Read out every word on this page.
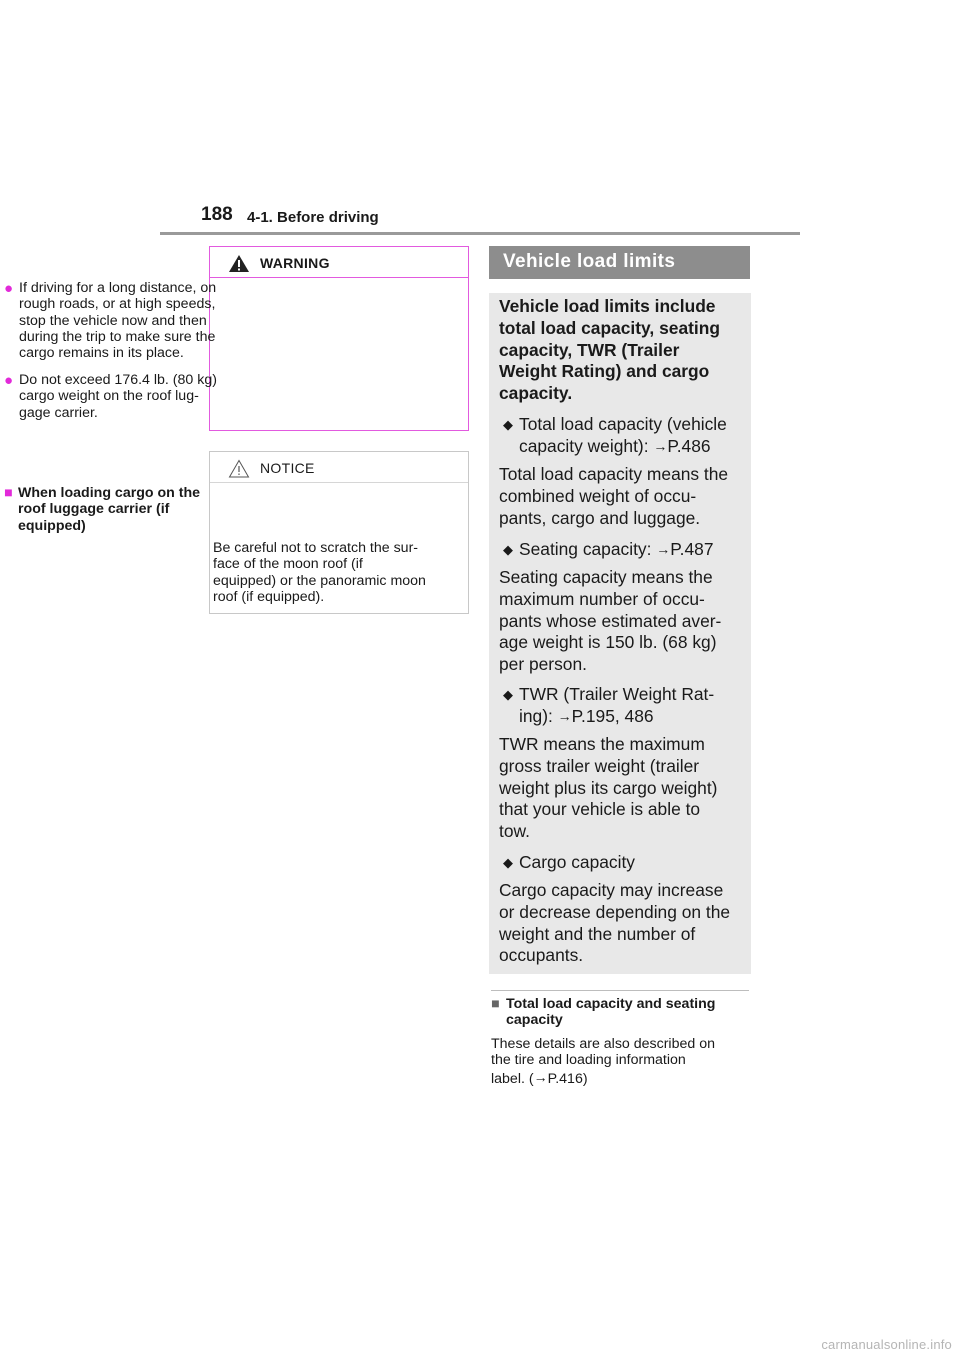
188 4-1. Before driving
WARNING
● If driving for a long distance, on
rough roads, or at high speeds,
stop the vehicle now and then
during the trip to make sure the
cargo remains in its place.
● Do not exceed 176.4 lb. (80 kg)
cargo weight on the roof lug-
gage carrier.
NOTICE
■ When loading cargo on the
roof luggage carrier (if
equipped)
Be careful not to scratch the sur-
face of the moon roof (if
equipped) or the panoramic moon
roof (if equipped).
Vehicle load limits
Vehicle load limits include
total load capacity, seating
capacity, TWR (Trailer
Weight Rating) and cargo
capacity.
◆ Total load capacity (vehicle
capacity weight): →P.486
Total load capacity means the
combined weight of occu-
pants, cargo and luggage.
◆ Seating capacity: →P.487
Seating capacity means the
maximum number of occu-
pants whose estimated aver-
age weight is 150 lb. (68 kg)
per person.
◆ TWR (Trailer Weight Rat-
ing): →P.195, 486
TWR means the maximum
gross trailer weight (trailer
weight plus its cargo weight)
that your vehicle is able to
tow.
◆ Cargo capacity
Cargo capacity may increase
or decrease depending on the
weight and the number of
occupants.
■ Total load capacity and seating
capacity
These details are also described on
the tire and loading information
label. (→P.416)
carmanualsonline.info
